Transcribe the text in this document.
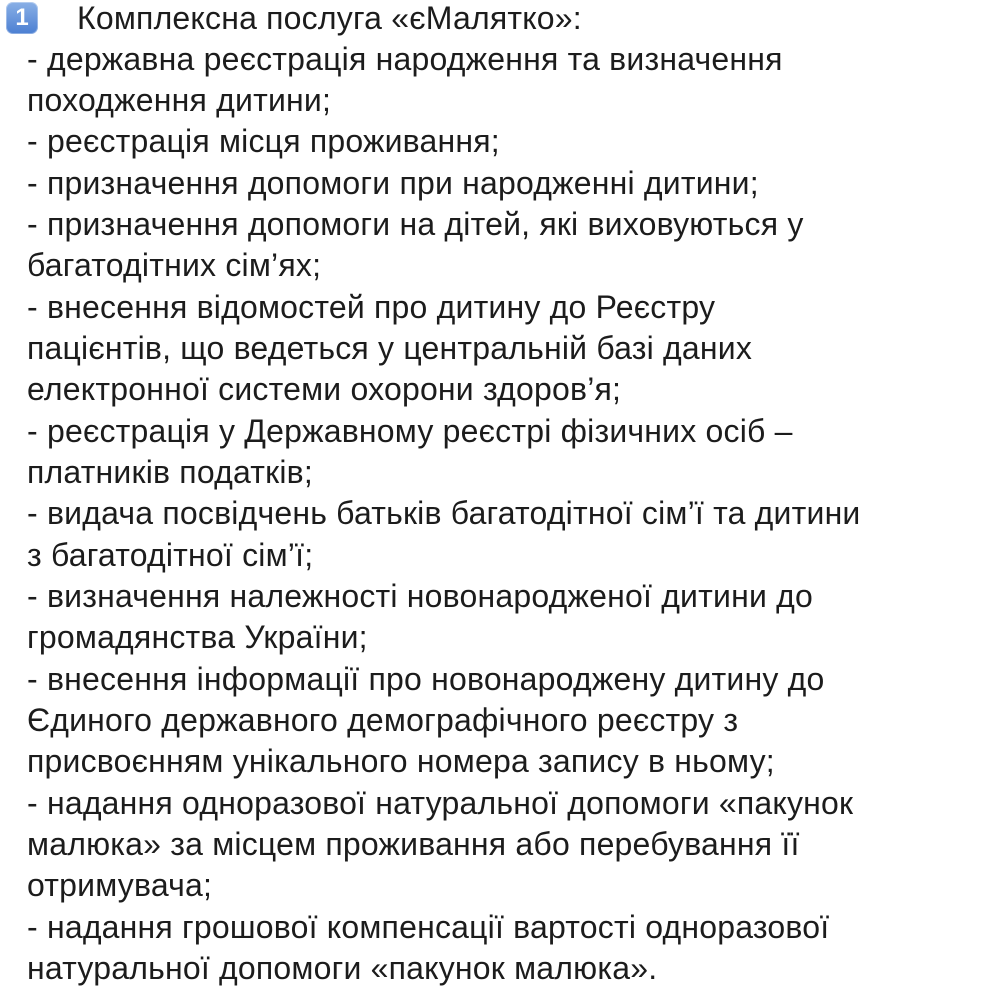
1 Комплексна послуга «єМалятко»:
- державна реєстрація народження та визначення
походження дитини;
- реєстрація місця проживання;
- призначення допомоги при народженні дитини;
- призначення допомоги на дітей, які виховуються у
багатодітних сім’ях;
- внесення відомостей про дитину до Реєстру
пацієнтів, що ведеться у центральній базі даних
електронної системи охорони здоров’я;
- реєстрація у Державному реєстрі фізичних осіб –
платників податків;
- видача посвідчень батьків багатодітної сім’ї та дитини
з багатодітної сім’ї;
- визначення належності новонародженої дитини до
громадянства України;
- внесення інформації про новонароджену дитину до
Єдиного державного демографічного реєстру з
присвоєнням унікального номера запису в ньому;
- надання одноразової натуральної допомоги «пакунок
малюка» за місцем проживання або перебування її
отримувача;
- надання грошової компенсації вартості одноразової
натуральної допомоги «пакунок малюка».
